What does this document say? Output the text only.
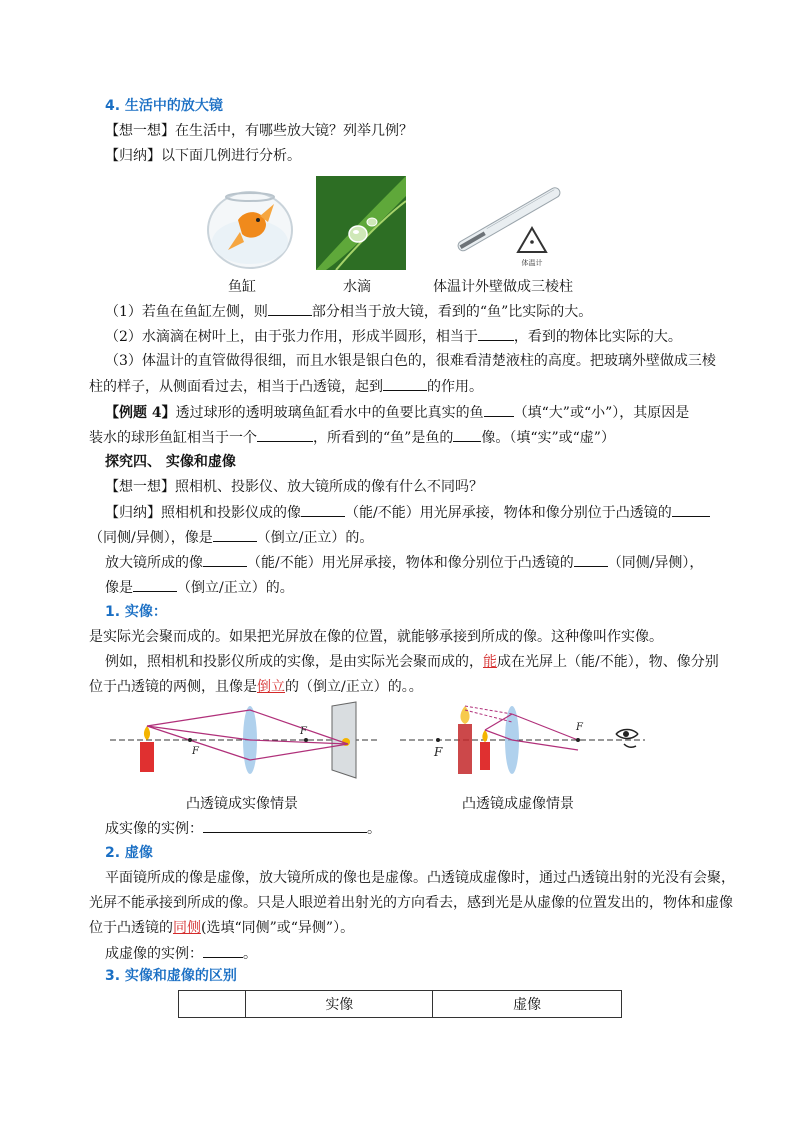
4. 生活中的放大镜
【想一想】在生活中，有哪些放大镜？列举几例？
【归纳】以下面几例进行分析。
体温计
鱼缸	水滴	体温计外壁做成三棱柱
（1）若鱼在鱼缸左侧，则	部分相当于放大镜，看到的“鱼”比实际的大。
（2）水滴滴在树叶上，由于张力作用，形成半圆形，相当于	，看到的物体比实际的大。
（3）体温计的直管做得很细，而且水银是银白色的，很难看清楚液柱的高度。把玻璃外壁做成三棱
柱的样子，从侧面看过去，相当于凸透镜，起到	的作用。
【例题 4】透过球形的透明玻璃鱼缸看水中的鱼要比真实的鱼 （填“大”或“小”），其原因是
装水的球形鱼缸相当于一个	，所看到的“鱼”是鱼的 像。（填“实”或“虚”）
探究四、 实像和虚像
【想一想】照相机、投影仪、放大镜所成的像有什么不同吗？
【归纳】照相机和投影仪成的像	（能/不能）用光屏承接，物体和像分别位于凸透镜的
（同侧/异侧），像是	（倒立/正立）的。
放大镜所成的像	（能/不能）用光屏承接，物体和像分别位于凸透镜的 （同侧/异侧），
像是	（倒立/正立）的。
1. 实像：
是实际光会聚而成的。如果把光屏放在像的位置，就能够承接到所成的像。这种像叫作实像。
例如，照相机和投影仪所成的实像，是由实际光会聚而成的，能成在光屏上（能/不能），物、像分别
位于凸透镜的两侧，且像是倒立的（倒立/正立）的。。
F
F
F
F
凸透镜成实像情景	凸透镜成虚像情景
成实像的实例：	。
2. 虚像
平面镜所成的像是虚像，放大镜所成的像也是虚像。凸透镜成虚像时，通过凸透镜出射的光没有会聚，
光屏不能承接到所成的像。只是人眼逆着出射光的方向看去，感到光是从虚像的位置发出的，物体和虚像
位于凸透镜的同侧(选填“同侧”或“异侧”）。
成虚像的实例：	。
3. 实像和虚像的区别
	实像	虚像
